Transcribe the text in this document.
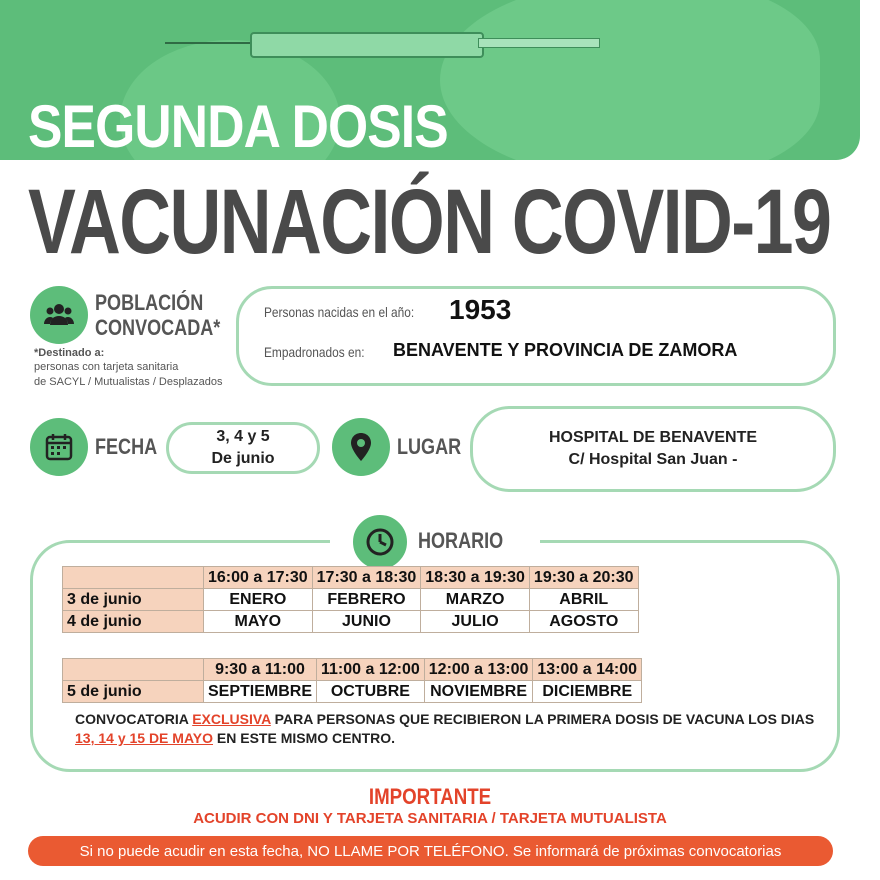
SEGUNDA DOSIS
VACUNACIÓN COVID-19
POBLACIÓN
CONVOCADA*
*Destinado a:
personas con tarjeta sanitaria
de SACYL / Mutualistas / Desplazados
Personas nacidas en el año: 1953
Empadronados en: BENAVENTE Y PROVINCIA DE ZAMORA
FECHA	3, 4 y 5
De junio	LUGAR	HOSPITAL DE BENAVENTE
C/ Hospital San Juan -
HORARIO
	16:00 a 17:30	17:30 a 18:30	18:30 a 19:30	19:30 a 20:30
3 de junio	ENERO	FEBRERO	MARZO	ABRIL
4 de junio	MAYO	JUNIO	JULIO	AGOSTO
	9:30 a 11:00	11:00 a 12:00	12:00 a 13:00	13:00 a 14:00
5 de junio	SEPTIEMBRE	OCTUBRE	NOVIEMBRE	DICIEMBRE
CONVOCATORIA EXCLUSIVA PARA PERSONAS QUE RECIBIERON LA PRIMERA DOSIS DE VACUNA LOS DIAS 13, 14 y 15 DE MAYO EN ESTE MISMO CENTRO.
IMPORTANTE
ACUDIR CON DNI Y TARJETA SANITARIA / TARJETA MUTUALISTA
Si no puede acudir en esta fecha, NO LLAME POR TELÉFONO. Se informará de próximas convocatorias
